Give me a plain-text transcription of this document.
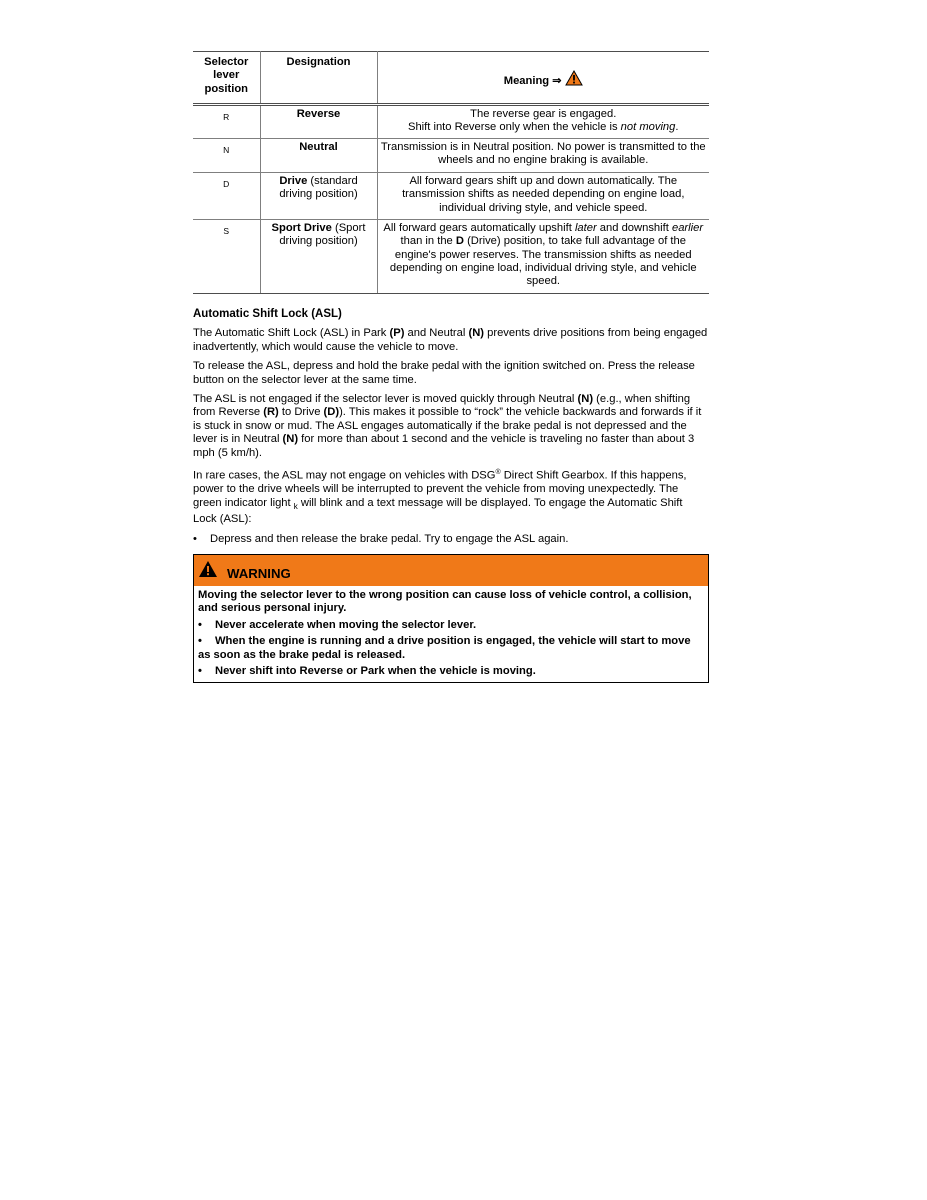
Selector lever position	Designation	Meaning ⇒
R	Reverse	The reverse gear is engaged.
Shift into Reverse only when the vehicle is not moving.
N	Neutral	Transmission is in Neutral position. No power is transmitted to the wheels and no engine braking is available.
D	Drive (standard driving position)	All forward gears shift up and down automatically. The transmission shifts as needed depending on engine load, individual driving style, and vehicle speed.
S	Sport Drive (Sport driving position)	All forward gears automatically upshift later and downshift earlier than in the D (Drive) position, to take full advantage of the engine's power reserves. The transmission shifts as needed depending on engine load, individual driving style, and vehicle speed.
Automatic Shift Lock (ASL)

The Automatic Shift Lock (ASL) in Park (P) and Neutral (N) prevents drive positions from being engaged inadvertently, which would cause the vehicle to move.

To release the ASL, depress and hold the brake pedal with the ignition switched on. Press the release button on the selector lever at the same time.

The ASL is not engaged if the selector lever is moved quickly through Neutral (N) (e.g., when shifting from Reverse (R) to Drive (D)). This makes it possible to “rock” the vehicle backwards and forwards if it is stuck in snow or mud. The ASL engages automatically if the brake pedal is not depressed and the lever is in Neutral (N) for more than about 1 second and the vehicle is traveling no faster than about 3 mph (5 km/h).

In rare cases, the ASL may not engage on vehicles with DSG® Direct Shift Gearbox. If this happens, power to the drive wheels will be interrupted to prevent the vehicle from moving unexpectedly. The green indicator light $_k$ will blink and a text message will be displayed. To engage the Automatic Shift Lock (ASL):

• Depress and then release the brake pedal. Try to engage the ASL again.
WARNING

Moving the selector lever to the wrong position can cause loss of vehicle control, a collision, and serious personal injury.

• Never accelerate when moving the selector lever.
• When the engine is running and a drive position is engaged, the vehicle will start to move as soon as the brake pedal is released.
• Never shift into Reverse or Park when the vehicle is moving.
